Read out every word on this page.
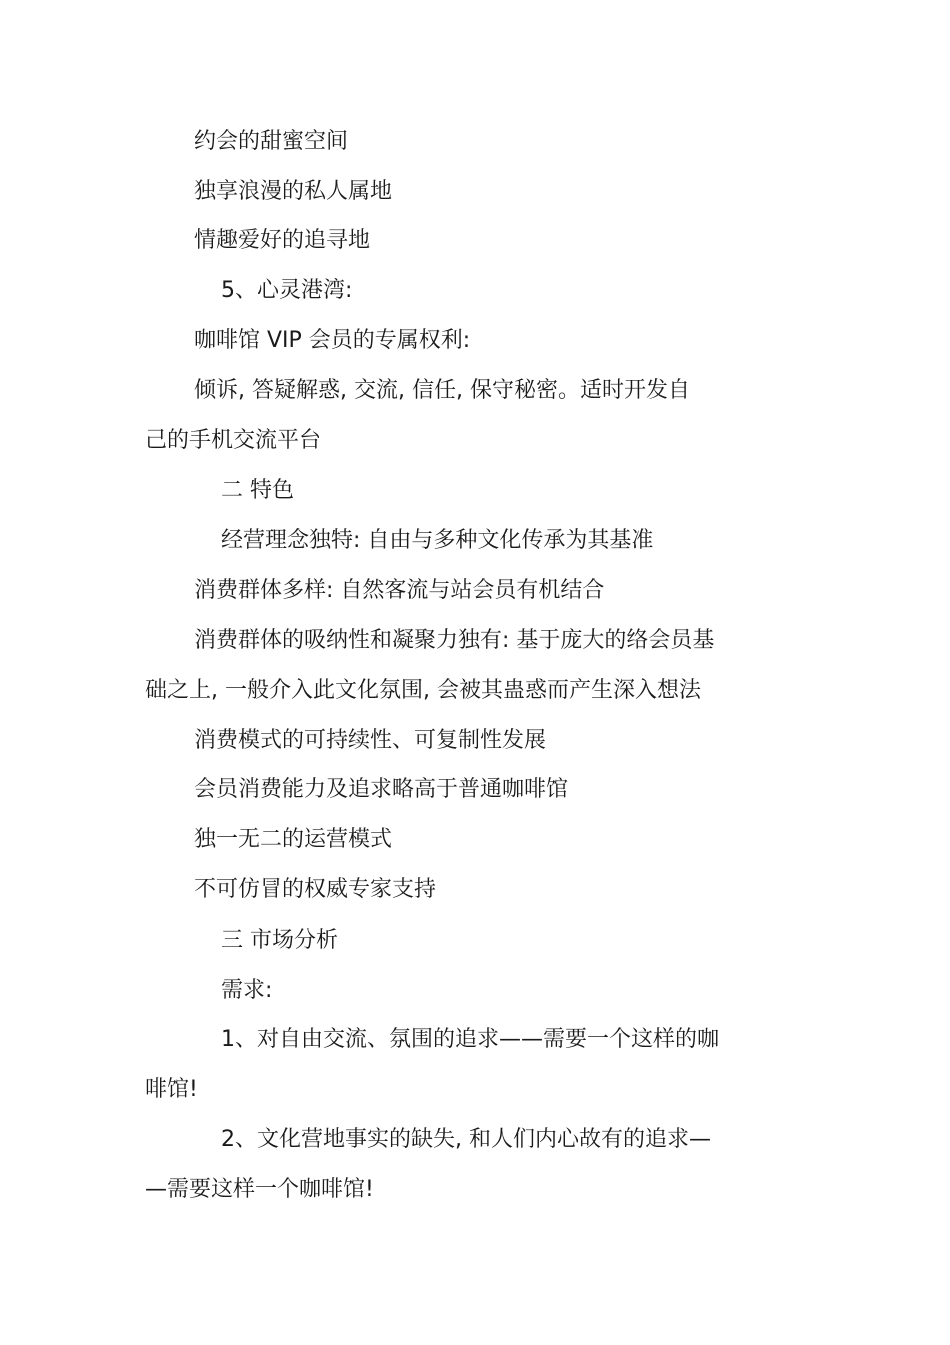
约会的甜蜜空间
独享浪漫的私人属地
情趣爱好的追寻地
5、心灵港湾:
咖啡馆 VIP 会员的专属权利:
倾诉, 答疑解惑, 交流, 信任, 保守秘密。适时开发自
己的手机交流平台
二 特色
经营理念独特: 自由与多种文化传承为其基准
消费群体多样: 自然客流与站会员有机结合
消费群体的吸纳性和凝聚力独有: 基于庞大的络会员基
础之上, 一般介入此文化氛围, 会被其蛊惑而产生深入想法
消费模式的可持续性、可复制性发展
会员消费能力及追求略高于普通咖啡馆
独一无二的运营模式
不可仿冒的权威专家支持
三 市场分析
需求:
1、对自由交流、氛围的追求——需要一个这样的咖
啡馆!
2、文化营地事实的缺失, 和人们内心故有的追求—
—需要这样一个咖啡馆!
